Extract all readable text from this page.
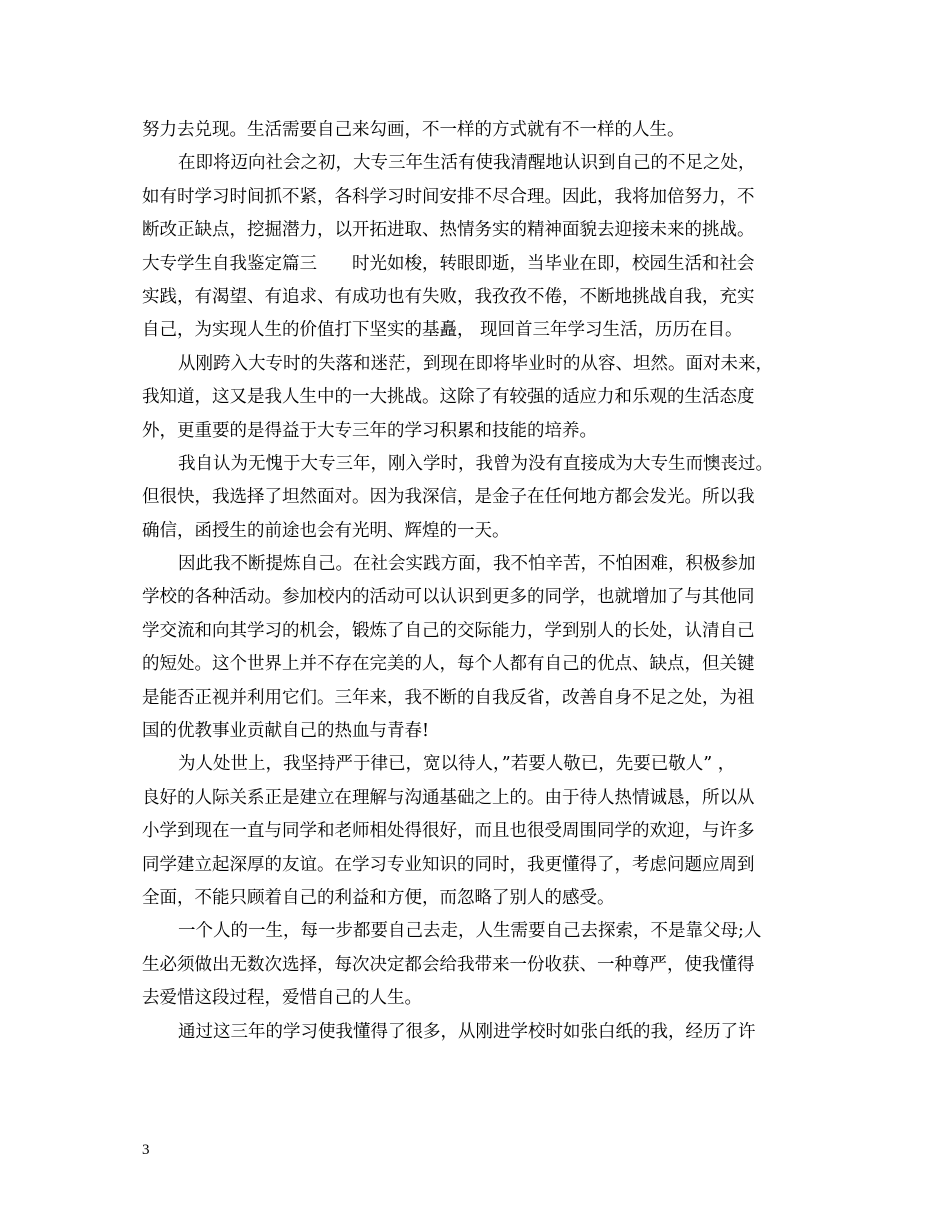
努力去兑现。生活需要自己来勾画，不一样的方式就有不一样的人生。
在即将迈向社会之初，大专三年生活有使我清醒地认识到自己的不足之处，
如有时学习时间抓不紧，各科学习时间安排不尽合理。因此，我将加倍努力，不
断改正缺点，挖掘潜力，以开拓进取、热情务实的精神面貌去迎接未来的挑战。
大专学生自我鉴定篇三　　时光如梭，转眼即逝，当毕业在即，校园生活和社会
实践，有渴望、有追求、有成功也有失败，我孜孜不倦，不断地挑战自我，充实
自己，为实现人生的价值打下坚实的基矗， 现回首三年学习生活，历历在目。
从刚跨入大专时的失落和迷茫，到现在即将毕业时的从容、坦然。面对未来，
我知道，这又是我人生中的一大挑战。这除了有较强的适应力和乐观的生活态度
外，更重要的是得益于大专三年的学习积累和技能的培养。
我自认为无愧于大专三年，刚入学时，我曾为没有直接成为大专生而懊丧过。
但很快，我选择了坦然面对。因为我深信，是金子在任何地方都会发光。所以我
确信，函授生的前途也会有光明、辉煌的一天。
因此我不断提炼自己。在社会实践方面，我不怕辛苦，不怕困难，积极参加
学校的各种活动。参加校内的活动可以认识到更多的同学，也就增加了与其他同
学交流和向其学习的机会，锻炼了自己的交际能力，学到别人的长处，认清自己
的短处。这个世界上并不存在完美的人，每个人都有自己的优点、缺点，但关键
是能否正视并利用它们。三年来，我不断的自我反省，改善自身不足之处，为祖
国的优教事业贡献自己的热血与青春!
为人处世上，我坚持严于律已，宽以待人，”若要人敬已，先要已敬人” ，
良好的人际关系正是建立在理解与沟通基础之上的。由于待人热情诚恳，所以从
小学到现在一直与同学和老师相处得很好，而且也很受周围同学的欢迎，与许多
同学建立起深厚的友谊。在学习专业知识的同时，我更懂得了，考虑问题应周到
全面，不能只顾着自己的利益和方便，而忽略了别人的感受。
一个人的一生，每一步都要自己去走，人生需要自己去探索，不是靠父母;人
生必须做出无数次选择，每次决定都会给我带来一份收获、一种尊严，使我懂得
去爱惜这段过程，爱惜自己的人生。
通过这三年的学习使我懂得了很多，从刚进学校时如张白纸的我，经历了许
3
